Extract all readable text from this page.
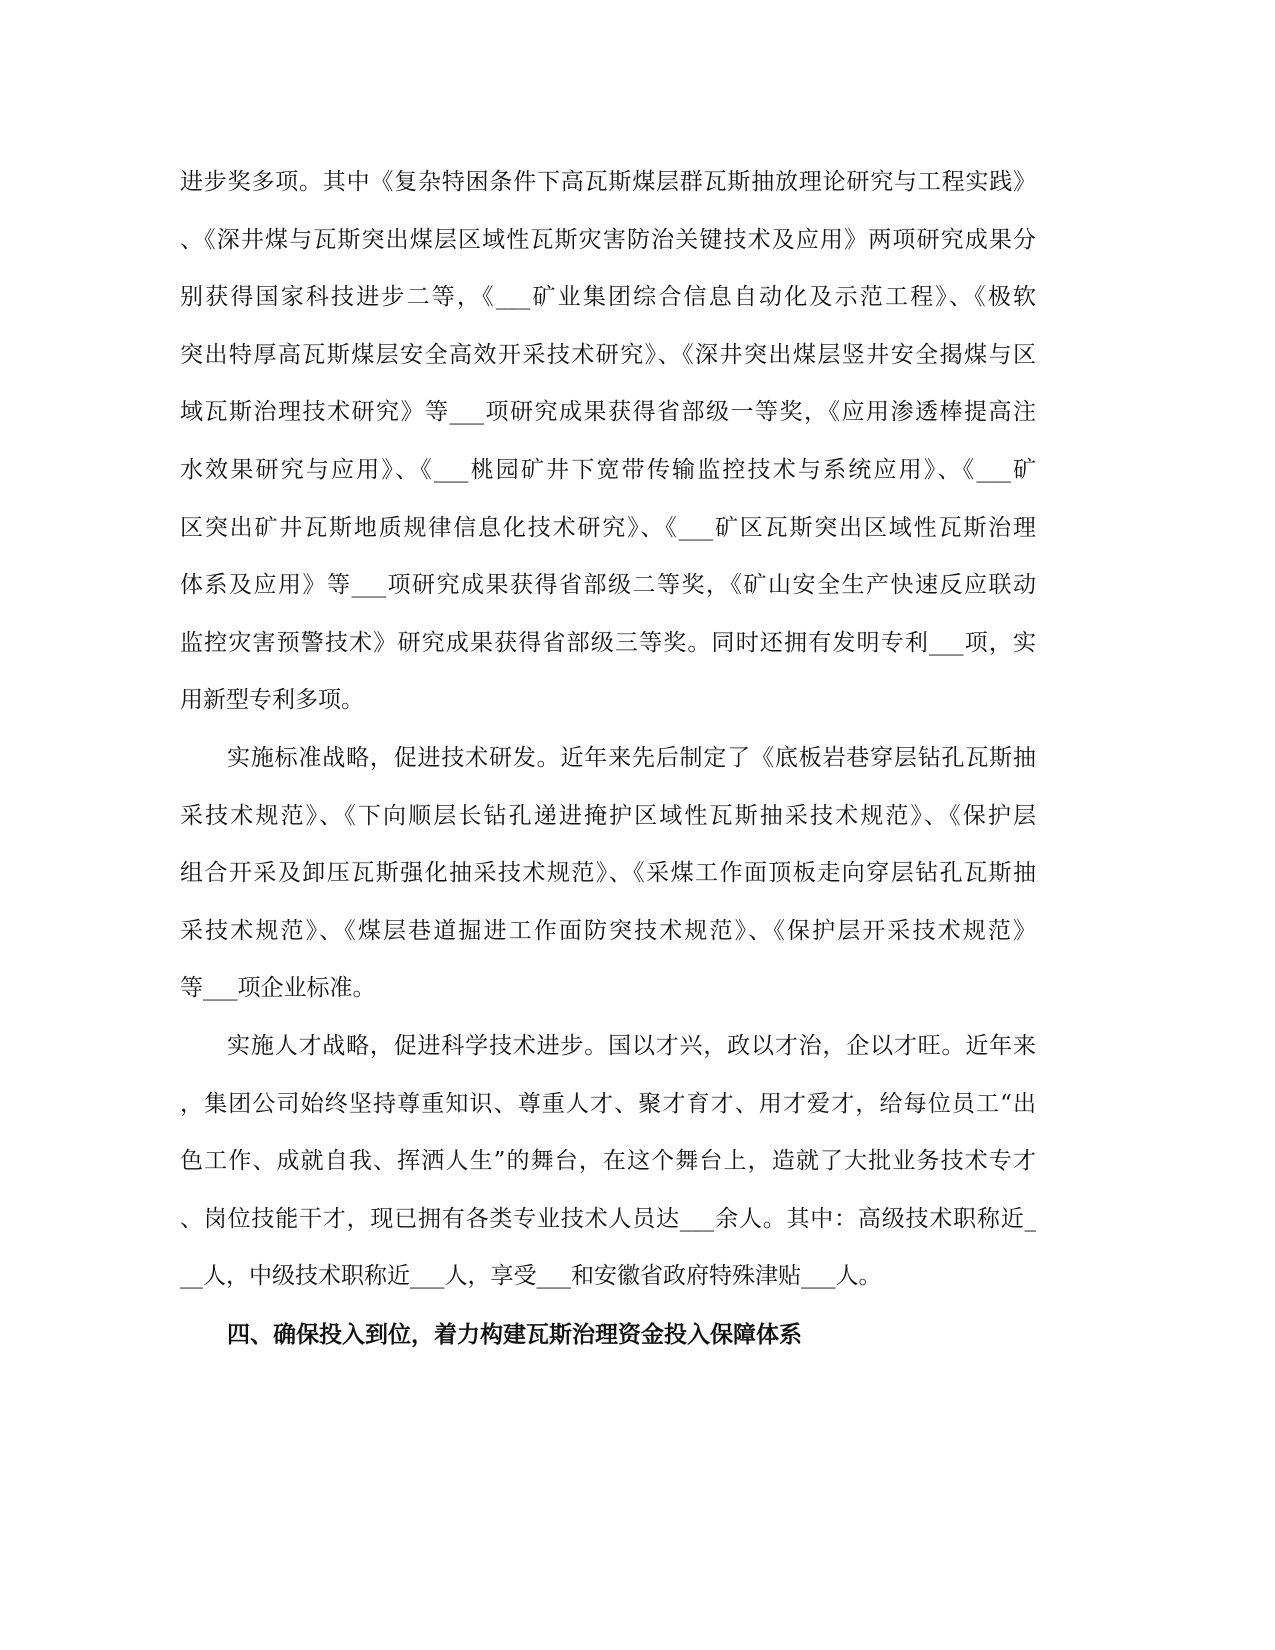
进步奖多项。其中《复杂特困条件下高瓦斯煤层群瓦斯抽放理论研究与工程实践》
、《深井煤与瓦斯突出煤层区域性瓦斯灾害防治关键技术及应用》两项研究成果分
别获得国家科技进步二等，《___矿业集团综合信息自动化及示范工程》、《极软
突出特厚高瓦斯煤层安全高效开采技术研究》、《深井突出煤层竖井安全揭煤与区
域瓦斯治理技术研究》等___项研究成果获得省部级一等奖，《应用渗透棒提高注
水效果研究与应用》、《___桃园矿井下宽带传输监控技术与系统应用》、《___矿
区突出矿井瓦斯地质规律信息化技术研究》、《___矿区瓦斯突出区域性瓦斯治理
体系及应用》等___项研究成果获得省部级二等奖，《矿山安全生产快速反应联动
监控灾害预警技术》研究成果获得省部级三等奖。同时还拥有发明专利___项，实
用新型专利多项。
实施标准战略，促进技术研发。近年来先后制定了《底板岩巷穿层钻孔瓦斯抽
采技术规范》、《下向顺层长钻孔递进掩护区域性瓦斯抽采技术规范》、《保护层
组合开采及卸压瓦斯强化抽采技术规范》、《采煤工作面顶板走向穿层钻孔瓦斯抽
采技术规范》、《煤层巷道掘进工作面防突技术规范》、《保护层开采技术规范》
等___项企业标准。
实施人才战略，促进科学技术进步。国以才兴，政以才治，企以才旺。近年来
，集团公司始终坚持尊重知识、尊重人才、聚才育才、用才爱才，给每位员工“出
色工作、成就自我、挥洒人生”的舞台，在这个舞台上，造就了大批业务技术专才
、岗位技能干才，现已拥有各类专业技术人员达___余人。其中：高级技术职称近_
__人，中级技术职称近___人，享受___和安徽省政府特殊津贴___人。
四、确保投入到位，着力构建瓦斯治理资金投入保障体系
